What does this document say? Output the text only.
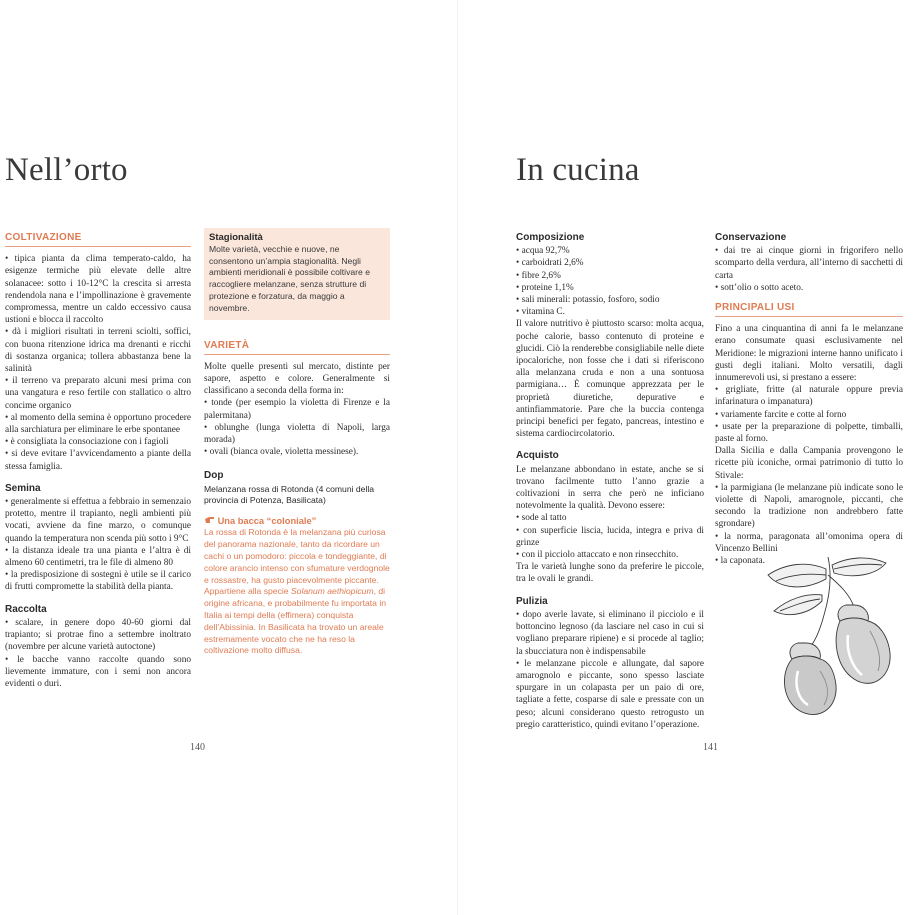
Nell’orto
COLTIVAZIONE

• tipica pianta da clima temperato-caldo, ha esigenze termiche più elevate delle altre solanacee: sotto i 10-12°C la crescita si arresta rendendola nana e l’impollinazione è gravemente compromessa, mentre un caldo eccessivo causa ustioni e blocca il raccolto

• dà i migliori risultati in terreni sciolti, soffici, con buona ritenzione idrica ma drenanti e ricchi di sostanza organica; tollera abbastanza bene la salinità

• il terreno va preparato alcuni mesi prima con una vangatura e reso fertile con stallatico o altro concime organico

• al momento della semina è opportuno procedere alla sarchiatura per eliminare le erbe spontanee

• è consigliata la consociazione con i fagioli

• si deve evitare l’avvicendamento a piante della stessa famiglia.

Semina

• generalmente si effettua a febbraio in semenzaio protetto, mentre il trapianto, negli ambienti più vocati, avviene da fine marzo, o comunque quando la temperatura non scenda più sotto i 9°C

• la distanza ideale tra una pianta e l’altra è di almeno 60 centimetri, tra le file di almeno 80

• la predisposizione di sostegni è utile se il carico di frutti compromette la stabilità della pianta.

Raccolta

• scalare, in genere dopo 40-60 giorni dal trapianto; si protrae fino a settembre inoltrato (novembre per alcune varietà autoctone)

• le bacche vanno raccolte quando sono lievemente immature, con i semi non ancora evidenti o duri.

Stagionalità
Molte varietà, vecchie e nuove, ne consentono un’ampia stagionalità. Negli ambienti meridionali è possibile coltivare e raccogliere melanzane, senza strutture di protezione e forzatura, da maggio a novembre.
VARIETÀ

Molte quelle presenti sul mercato, distinte per sapore, aspetto e colore. Generalmente si classificano a seconda della forma in:

• tonde (per esempio la violetta di Firenze e la palermitana)

• oblunghe (lunga violetta di Napoli, larga morada)

• ovali (bianca ovale, violetta messinese).

Dop
Melanzana rossa di Rotonda (4 comuni della provincia di Potenza, Basilicata)

Una bacca “coloniale”

La rossa di Rotonda è la melanzana più curiosa del panorama nazionale, tanto da ricordare un cachi o un pomodoro: piccola e tondeggiante, di colore arancio intenso con sfumature verdognole e rossastre, ha gusto piacevolmente piccante. Appartiene alla specie Solanum aethiopicum, di origine africana, e probabilmente fu importata in Italia ai tempi della (effimera) conquista dell’Abissinia. In Basilicata ha trovato un areale estremamente vocato che ne ha reso la coltivazione molto diffusa.

140
In cucina
Composizione

• acqua 92,7%

• carboidrati 2,6%

• fibre 2,6%

• proteine 1,1%

• sali minerali: potassio, fosforo, sodio

• vitamina C.

Il valore nutritivo è piuttosto scarso: molta acqua, poche calorie, basso contenuto di proteine e glucidi. Ciò la renderebbe consigliabile nelle diete ipocaloriche, non fosse che i dati si riferiscono alla melanzana cruda e non a una sontuosa parmigiana… È comunque apprezzata per le proprietà diuretiche, depurative e antinfiammatorie. Pare che la buccia contenga principi benefici per fegato, pancreas, intestino e sistema cardiocircolatorio.

Acquisto

Le melanzane abbondano in estate, anche se si trovano facilmente tutto l’anno grazie a coltivazioni in serra che però ne inficiano notevolmente la qualità. Devono essere:

• sode al tatto

• con superficie liscia, lucida, integra e priva di grinze

• con il picciolo attaccato e non rinsecchito.

Tra le varietà lunghe sono da preferire le piccole, tra le ovali le grandi.

Pulizia

• dopo averle lavate, si eliminano il picciolo e il bottoncino legnoso (da lasciare nel caso in cui si vogliano preparare ripiene) e si procede al taglio; la sbucciatura non è indispensabile

• le melanzane piccole e allungate, dal sapore amarognolo e piccante, sono spesso lasciate spurgare in un colapasta per un paio di ore, tagliate a fette, cosparse di sale e pressate con un peso; alcuni considerano questo retrogusto un pregio caratteristico, quindi evitano l’operazione.

Conservazione

• dai tre ai cinque giorni in frigorifero nello scomparto della verdura, all’interno di sacchetti di carta

• sott’olio o sotto aceto.

PRINCIPALI USI

Fino a una cinquantina di anni fa le melanzane erano consumate quasi esclusivamente nel Meridione: le migrazioni interne hanno unificato i gusti degli italiani. Molto versatili, dagli innumerevoli usi, si prestano a essere:

• grigliate, fritte (al naturale oppure previa infarinatura o impanatura)

• variamente farcite e cotte al forno

• usate per la preparazione di polpette, timballi, paste al forno.

Dalla Sicilia e dalla Campania provengono le ricette più iconiche, ormai patrimonio di tutto lo Stivale:

• la parmigiana (le melanzane più indicate sono le violette di Napoli, amarognole, piccanti, che secondo la tradizione non andrebbero fatte sgrondare)

• la norma, paragonata all’omonima opera di Vincenzo Bellini

• la caponata.

141
